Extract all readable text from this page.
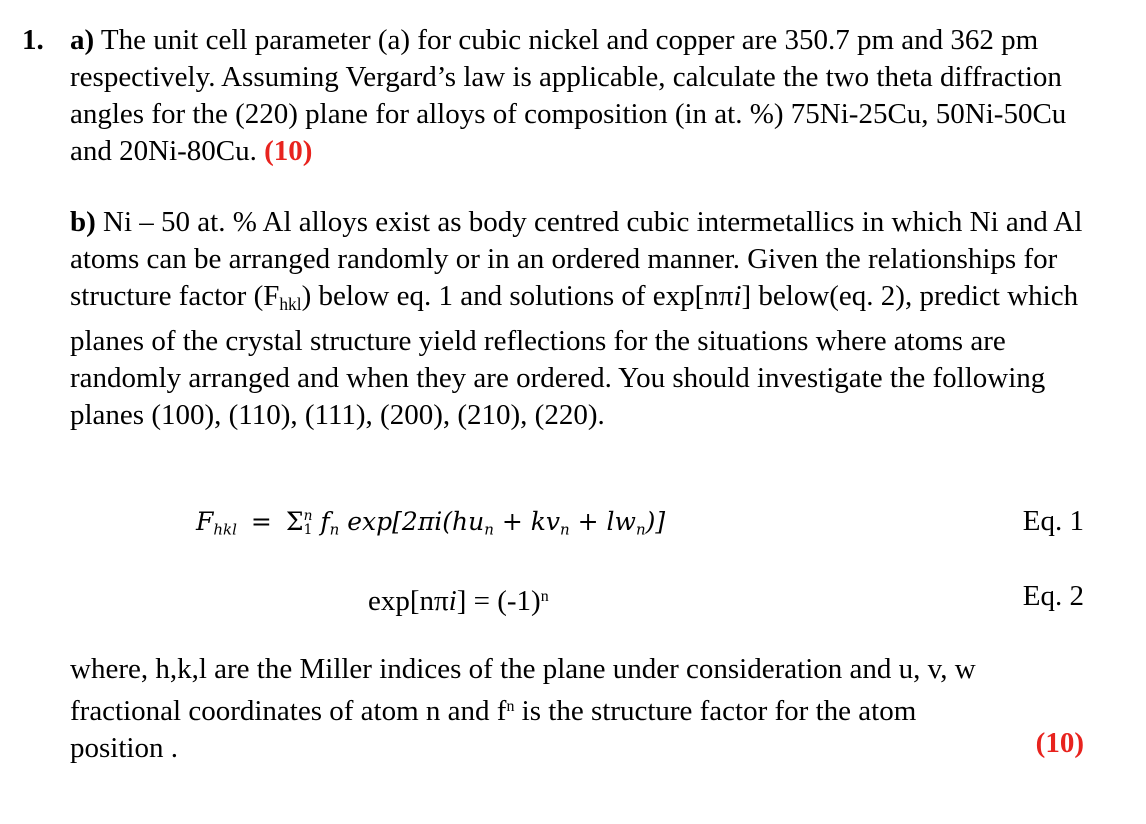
1. a) The unit cell parameter (a) for cubic nickel and copper are 350.7 pm and 362 pm respectively. Assuming Vergard’s law is applicable, calculate the two theta diffraction angles for the (220) plane for alloys of composition (in at. %) 75Ni-25Cu, 50Ni-50Cu and 20Ni-80Cu. (10)
b) Ni – 50 at. % Al alloys exist as body centred cubic intermetallics in which Ni and Al atoms can be arranged randomly or in an ordered manner. Given the relationships for structure factor $(F_{hkl})$ below eq. 1 and solutions of exp[nπi] below(eq. 2), predict which planes of the crystal structure yield reflections for the situations where atoms are randomly arranged and when they are ordered. You should investigate the following planes (100), (110), (111), (200), (210), (220).
$F_{hkl} = \Sigma$ n
1 $f_n$ $\exp[2\pi i(hu_n + kv_n + lw_n)]$	Eq. 1
$\exp[n\pi i] = (-1)^n$	Eq. 2
where, h,k,l are the Miller indices of the plane under consideration and u, v, w fractional coordinates of atom n and $f^n$ is the structure factor for the atom position .	(10)
